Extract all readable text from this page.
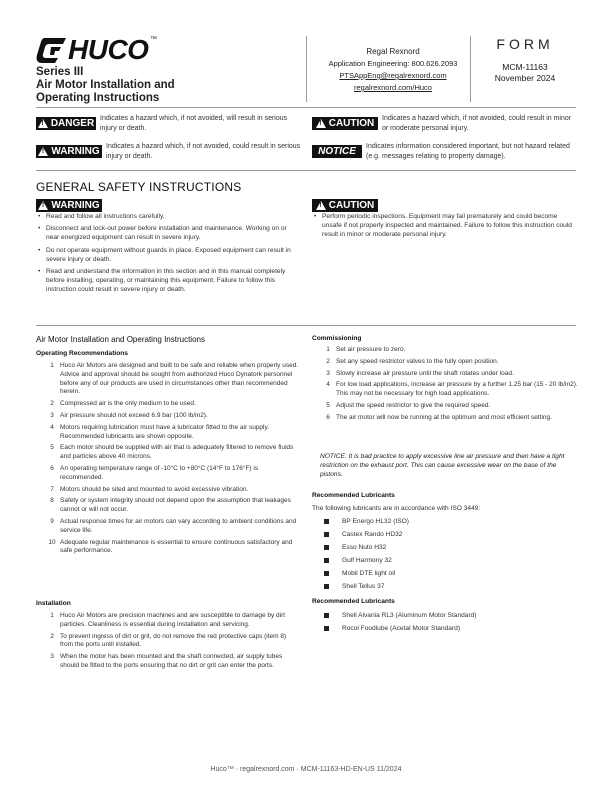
HUCO ™
Series III
Air Motor Installation and
Operating Instructions
Regal Rexnord
Application Engineering: 800.626.2093
PTSAppEng@regalrexnord.com
regalrexnord.com/Huco
FORM
MCM-11163
November 2024
!
DANGER Indicates a hazard which, if not avoided, will result in serious injury or death.
!
WARNING Indicates a hazard which, if not avoided, could result in serious injury or death.
!
CAUTION Indicates a hazard which, if not avoided, could result in minor or moderate personal injury.
NOTICE Indicates information considered important, but not hazard related (e.g. messages relating to property damage).
GENERAL SAFETY INSTRUCTIONS
!
WARNING
• Read and follow all instructions carefully.
• Disconnect and lock-out power before installation and maintenance. Working on or near energized equipment can result in severe injury.
• Do not operate equipment without guards in place. Exposed equipment can result in severe injury or death.
• Read and understand the information in this section and in this manual completely before installing, operating, or maintaining this equipment. Failure to follow this instruction could result in severe injury or death.
!
CAUTION
• Perform periodic inspections. Equipment may fail prematurely and could become unsafe if not properly inspected and maintained. Failure to follow this instruction could result in minor or moderate personal injury.
Air Motor Installation and Operating Instructions
Operating Recommendations
1 Huco Air Motors are designed and built to be safe and reliable when properly used. Advice and approval should be sought from authorized Huco Dynatork personnel before any of our products are used in circumstances other than recommended herein.
2 Compressed air is the only medium to be used.
3 Air pressure should not exceed 6.9 bar (100 lb/in2).
4 Motors requiring lubrication must have a lubricator fitted to the air supply. Recommended lubricants are shown opposite.
5 Each motor should be supplied with air that is adequately filtered to remove fluids and particles above 40 microns.
6 An operating temperature range of -10°C to +80°C (14°F to 176°F) is recommended.
7 Motors should be sited and mounted to avoid excessive vibration.
8 Safety or system integrity should not depend upon the assumption that leakages cannot or will not occur.
9 Actual response times for air motors can vary according to ambient conditions and service life.
10 Adequate regular maintenance is essential to ensure continuous satisfactory and safe performance.
Installation
1 Huco Air Motors are precision machines and are susceptible to damage by dirt particles. Cleanliness is essential during installation and servicing.
2 To prevent ingress of dirt or grit, do not remove the red protective caps (item 8) from the ports until installed.
3 When the motor has been mounted and the shaft connected, air supply tubes should be fitted to the ports ensuring that no dirt or grit can enter the ports.
Commissioning
1 Set air pressure to zero.
2 Set any speed restrictor valves to the fully open position.
3 Slowly increase air pressure until the shaft rotates under load.
4 For low load applications, increase air pressure by a further 1.25 bar (15 - 20 lb/in2). This may not be necessary for high load applications.
5 Adjust the speed restrictor to give the required speed.
6 The air motor will now be running at the optimum and most efficient setting.
NOTICE: It is bad practice to apply excessive line air pressure and then have a tight restriction on the exhaust port. This can cause excessive wear on the base of the pistons.
Recommended Lubricants
The following lubricants are in accordance with ISO 3449:
BP Energo HL32 (ISO)
Castex Rando HD32
Esso Nuto H32
Gulf Harmony 32
Mobil DTE light oil
Shell Tellus 37
Recommended Lubricants
Shell Alvania RL3 (Aluminum Motor Standard)
Rocol Foodlube (Acetal Motor Standard)
Huco™ · regalrexnord.com · MCM-11163-HD-EN-US 11/2024
